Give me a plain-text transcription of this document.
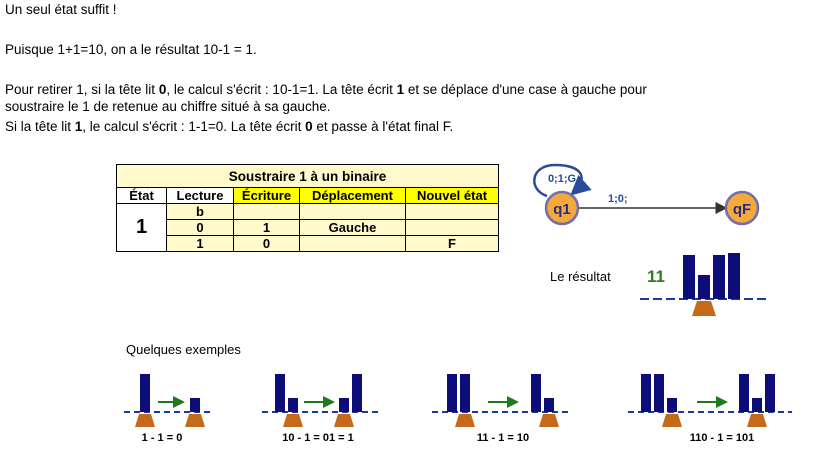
Un seul état suffit !
Puisque 1+1=10, on a le résultat 10-1 = 1.
Pour retirer 1, si la tête lit 0, le calcul s'écrit : 10-1=1. La tête écrit 1 et se déplace d'une case à gauche pour
soustraire le 1 de retenue au chiffre situé à sa gauche.
Si la tête lit 1, le calcul s'écrit : 1-1=0. La tête écrit 0 et passe à l'état final F.
Soustraire 1 à un binaire				
État	Lecture	Écriture	Déplacement	Nouvel état
1	b			
	0	1	Gauche	
	1	0		F
0;1;G
1;0;
q1	qF
Le résultat 11
Quelques exemples
1 - 1 = 0	10 - 1 = 01 = 1	11 - 1 = 10	110 - 1 = 101
